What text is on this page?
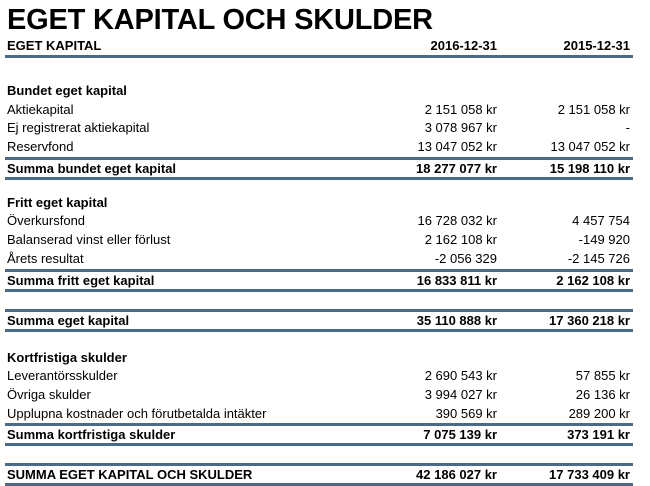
EGET KAPITAL OCH SKULDER
EGET KAPITAL	2016-12-31	2015-12-31
Bundet eget kapital
Aktiekapital	2 151 058 kr	2 151 058 kr
Ej registrerat aktiekapital	3 078 967 kr	-
Reservfond	13 047 052 kr	13 047 052 kr
Summa bundet eget kapital	18 277 077 kr	15 198 110 kr
Fritt eget kapital
Överkursfond	16 728 032 kr	4 457 754
Balanserad vinst eller förlust	2 162 108 kr	-149 920
Årets resultat	-2 056 329	-2 145 726
Summa fritt eget kapital	16 833 811 kr	2 162 108 kr
Summa eget kapital	35 110 888 kr	17 360 218 kr
Kortfristiga skulder
Leverantörsskulder	2 690 543 kr	57 855 kr
Övriga skulder	3 994 027 kr	26 136 kr
Upplupna kostnader och förutbetalda intäkter	390 569 kr	289 200 kr
Summa kortfristiga skulder	7 075 139 kr	373 191 kr
SUMMA EGET KAPITAL OCH SKULDER	42 186 027 kr	17 733 409 kr
